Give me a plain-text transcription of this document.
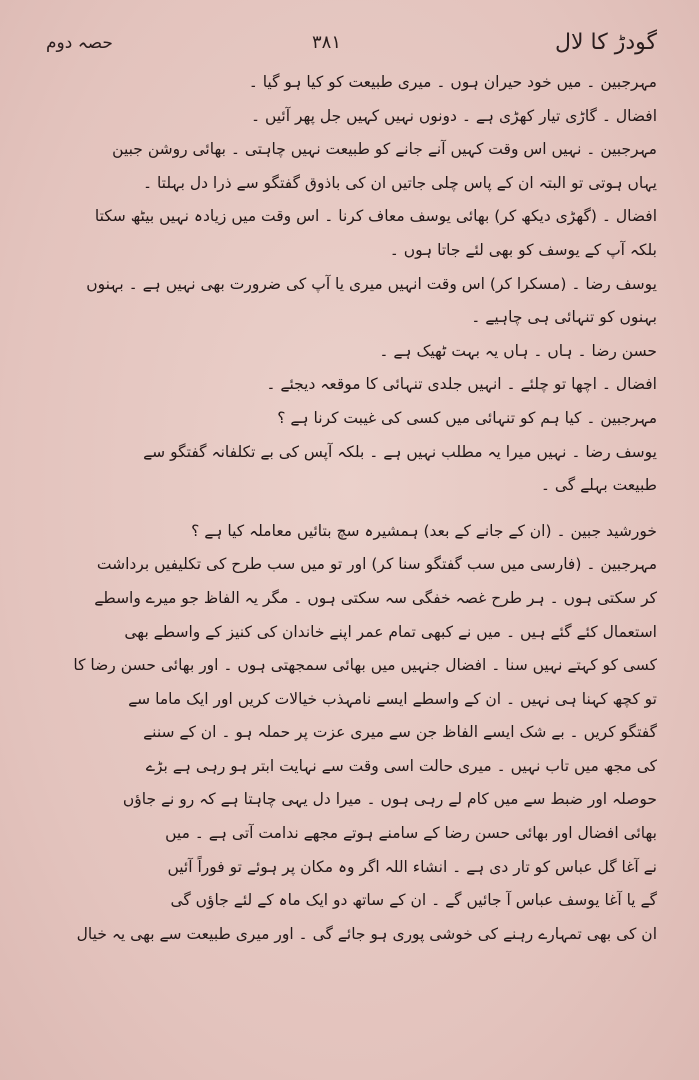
حصہ دوم	۳۸۱	گودڑ کا لال
مہرجبین ۔ میں خود حیران ہوں ۔ میری طبیعت کو کیا ہو گیا ۔
افضال ۔ گاڑی تیار کھڑی ہے ۔ دونوں نہیں کہیں جل پھر آئیں ۔
مہرجبین ۔ نہیں اس وقت کہیں آنے جانے کو طبیعت نہیں چاہتی ۔ بھائی روشن جبین
یہاں ہوتی تو البتہ ان کے پاس چلی جاتیں ان کی باذوق گفتگو سے ذرا دل بہلتا ۔
افضال ۔ (گھڑی دیکھ کر) بھائی یوسف معاف کرنا ۔ اس وقت میں زیادہ نہیں بیٹھ سکتا
بلکہ آپ کے یوسف کو بھی لئے جاتا ہوں ۔
یوسف رضا ۔ (مسکرا کر) اس وقت انہیں میری یا آپ کی ضرورت بھی نہیں ہے ۔ بہنوں
بہنوں کو تنہائی ہی چاہیے ۔
حسن رضا ۔ ہاں ۔ ہاں یہ بہت ٹھیک ہے ۔
افضال ۔ اچھا تو چلئے ۔ انہیں جلدی تنہائی کا موقعہ دیجئے ۔
مہرجبین ۔ کیا ہم کو تنہائی میں کسی کی غیبت کرنا ہے ؟
یوسف رضا ۔ نہیں میرا یہ مطلب نہیں ہے ۔ بلکہ آپس کی بے تکلفانہ گفتگو سے
طبیعت بہلے گی ۔
خورشید جبین ۔ (ان کے جانے کے بعد) ہمشیرہ سچ بتائیں معاملہ کیا ہے ؟
مہرجبین ۔ (فارسی میں سب گفتگو سنا کر) اور تو میں سب طرح کی تکلیفیں برداشت
کر سکتی ہوں ۔ ہر طرح غصہ خفگی سہ سکتی ہوں ۔ مگر یہ الفاظ جو میرے واسطے
استعمال کئے گئے ہیں ۔ میں نے کبھی تمام عمر اپنے خاندان کی کنیز کے واسطے بھی
کسی کو کہتے نہیں سنا ۔ افضال جنہیں میں بھائی سمجھتی ہوں ۔ اور بھائی حسن رضا کا
تو کچھ کہنا ہی نہیں ۔ ان کے واسطے ایسے نامہذب خیالات کریں اور ایک ماما سے
گفتگو کریں ۔ بے شک ایسے الفاظ جن سے میری عزت پر حملہ ہو ۔ ان کے سننے
کی مجھ میں تاب نہیں ۔ میری حالت اسی وقت سے نہایت ابتر ہو رہی ہے بڑے
حوصلہ اور ضبط سے میں کام لے رہی ہوں ۔ میرا دل یہی چاہتا ہے کہ رو نے جاؤں
بھائی افضال اور بھائی حسن رضا کے سامنے ہوتے مجھے ندامت آتی ہے ۔ میں
نے آغا گل عباس کو تار دی ہے ۔ انشاء اللہ اگر وہ مکان پر ہوئے تو فوراً آئیں
گے یا آغا یوسف عباس آ جائیں گے ۔ ان کے ساتھ دو ایک ماہ کے لئے جاؤں گی
ان کی بھی تمہارے رہنے کی خوشی پوری ہو جائے گی ۔ اور میری طبیعت سے بھی یہ خیال
